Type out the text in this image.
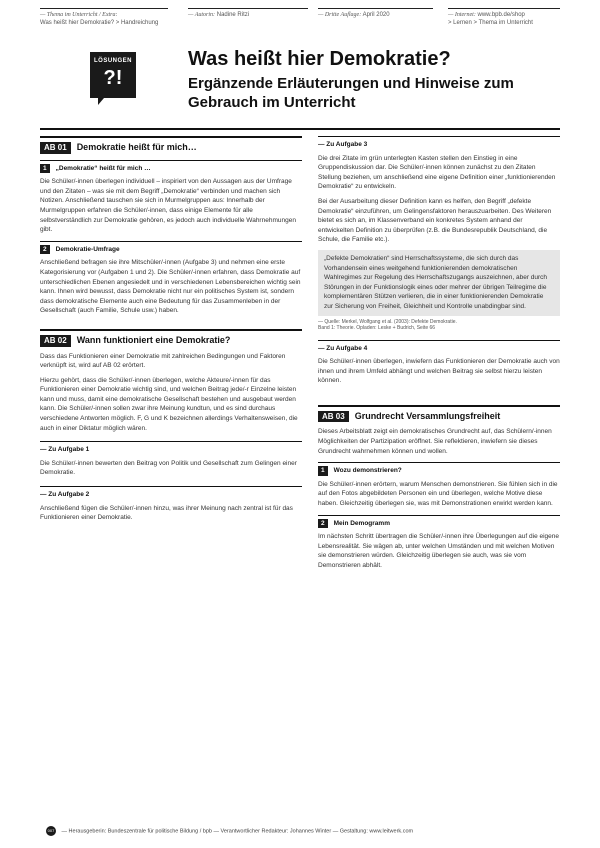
— Thema im Unterricht / Extra:
Was heißt hier Demokratie? > Handreichung
— Autorin: Nadine Ritzi	— Dritte Auflage: April 2020	— Internet: www.bpb.de/shop
> Lernen > Thema im Unterricht
LÖSUNGEN
?!
Was heißt hier Demokratie?
Ergänzende Erläuterungen und Hinweise zum Gebrauch im Unterricht
AB 01	Demokratie heißt für mich…
1	„Demokratie“ heißt für mich …

Die Schüler/-innen überlegen individuell – inspiriert von den Aussagen aus der Umfrage und den Zitaten – was sie mit dem Begriff „Demokratie“ verbinden und machen sich Notizen. Anschließend tauschen sie sich in Murmelgruppen aus: Innerhalb der Murmelgruppen erfahren die Schüler/-innen, dass einige Elemente für alle selbstverständlich zur Demokratie gehören, es jedoch auch individuelle Wahrnehmungen gibt.

2	Demokratie-Umfrage

Anschließend befragen sie ihre Mitschüler/-innen (Aufgabe 3) und nehmen eine erste Kategorisierung vor (Aufgaben 1 und 2). Die Schüler/-innen erfahren, dass Demokratie auf unterschiedlichen Ebenen angesiedelt und in verschiedenen Lebensbereichen wichtig sein kann. Ihnen wird bewusst, dass Demokratie nicht nur ein politisches System ist, sondern dass demokratische Elemente auch eine Bedeutung für das Zusammenleben in der Gesellschaft (auch Familie, Schule usw.) haben.

AB 02	Wann funktioniert eine Demokratie?

Dass das Funktionieren einer Demokratie mit zahlreichen Bedingungen und Faktoren verknüpft ist, wird auf AB 02 erörtert.

Hierzu gehört, dass die Schüler/-innen überlegen, welche Akteure/-innen für das Funktionieren einer Demokratie wichtig sind, und welchen Beitrag jede/-r Einzelne leisten kann und muss, damit eine demokratische Gesellschaft bestehen und ausgebaut werden kann. Die Schüler/-innen sollen zwar ihre Meinung kundtun, und es sind durchaus verschiedene Antworten möglich. F, G und K bezeichnen allerdings Verhaltensweisen, die auch in einer Diktatur möglich wären.

— Zu Aufgabe 1

Die Schüler/-innen bewerten den Beitrag von Politik und Gesellschaft zum Gelingen einer Demokratie.

— Zu Aufgabe 2

Anschließend fügen die Schüler/-innen hinzu, was ihrer Meinung nach zentral ist für das Funktionieren einer Demokratie.

— Zu Aufgabe 3

Die drei Zitate im grün unterlegten Kasten stellen den Einstieg in eine Gruppendiskussion dar. Die Schüler/-innen können zunächst zu den Zitaten Stellung beziehen, um anschließend eine eigene Definition einer „funktionierenden Demokratie“ zu entwickeln.

Bei der Ausarbeitung dieser Definition kann es helfen, den Begriff „defekte Demokratie“ einzuführen, um Gelingensfaktoren herauszuarbeiten. Des Weiteren bietet es sich an, im Klassenverband ein konkretes System anhand der entwickelten Definition zu überprüfen (z.B. die Bundesrepublik Deutschland, die Schule, die Familie etc.).

„Defekte Demokratien“ sind Herrschaftssysteme, die sich durch das Vorhandensein eines weitgehend funktionierenden demokratischen Wahlregimes zur Regelung des Herrschaftszugangs auszeichnen, aber durch Störungen in der Funktionslogik eines oder mehrer der übrigen Teilregime die komplementären Stützen verlieren, die in einer funktionierenden Demokratie zur Sicherung von Freiheit, Gleichheit und Kontrolle unabdingbar sind.
— Quelle: Merkel, Wolfgang et al. (2003): Defekte Demokratie.
Band 1: Theorie. Opladen: Leske + Budrich, Seite 66
— Zu Aufgabe 4

Die Schüler/-innen überlegen, inwiefern das Funktionieren der Demokratie auch von ihnen und ihrem Umfeld abhängt und welchen Beitrag sie selbst hierzu leisten können.

AB 03	Grundrecht Versammlungsfreiheit

Dieses Arbeitsblatt zeigt ein demokratisches Grundrecht auf, das Schülern/-innen Möglichkeiten der Partizipation eröffnet. Sie reflektieren, inwiefern sie dieses Grundrecht wahrnehmen können und wollen.

1	Wozu demonstrieren?

Die Schüler/-innen erörtern, warum Menschen demonstrieren. Sie fühlen sich in die auf den Fotos abgebildeten Personen ein und überlegen, welche Motive diese haben. Gleichzeitig überlegen sie, was mit Demonstrationen erwirkt werden kann.

2	Mein Demogramm

Im nächsten Schritt übertragen die Schüler/-innen ihre Überlegungen auf die eigene Lebensrealität. Sie wägen ab, unter welchen Umständen und mit welchen Motiven sie demonstrieren würden. Gleichzeitig überlegen sie auch, was sie vom Demonstrieren abhält.

007 — Herausgeberin: Bundeszentrale für politische Bildung / bpb — Verantwortlicher Redakteur: Johannes Winter — Gestaltung: www.leitwerk.com
